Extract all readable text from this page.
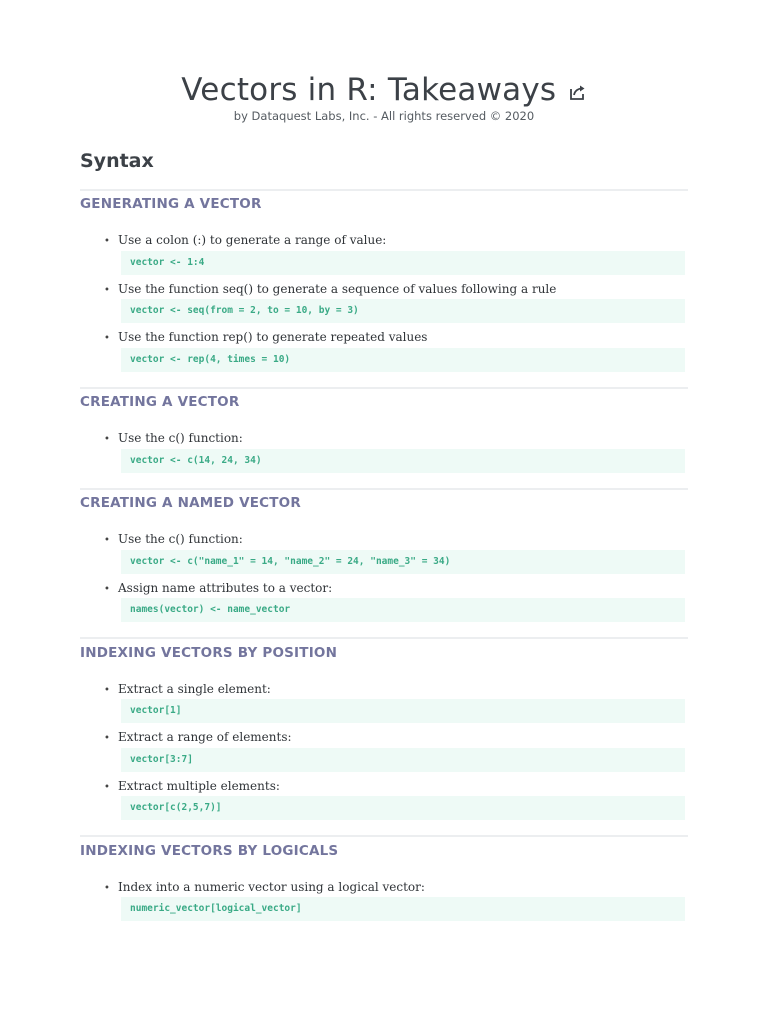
Vectors in R: Takeaways
by Dataquest Labs, Inc. - All rights reserved © 2020
Syntax
GENERATING A VECTOR
• Use a colon (:) to generate a range of value:
vector <- 1:4
• Use the function seq() to generate a sequence of values following a rule
vector <- seq(from = 2, to = 10, by = 3)
• Use the function rep() to generate repeated values
vector <- rep(4, times = 10)
CREATING A VECTOR
• Use the c() function:
vector <- c(14, 24, 34)
CREATING A NAMED VECTOR
• Use the c() function:
vector <- c("name_1" = 14, "name_2" = 24, "name_3" = 34)
• Assign name attributes to a vector:
names(vector) <- name_vector
INDEXING VECTORS BY POSITION
• Extract a single element:
vector[1]
• Extract a range of elements:
vector[3:7]
• Extract multiple elements:
vector[c(2,5,7)]
INDEXING VECTORS BY LOGICALS
• Index into a numeric vector using a logical vector:
numeric_vector[logical_vector]
